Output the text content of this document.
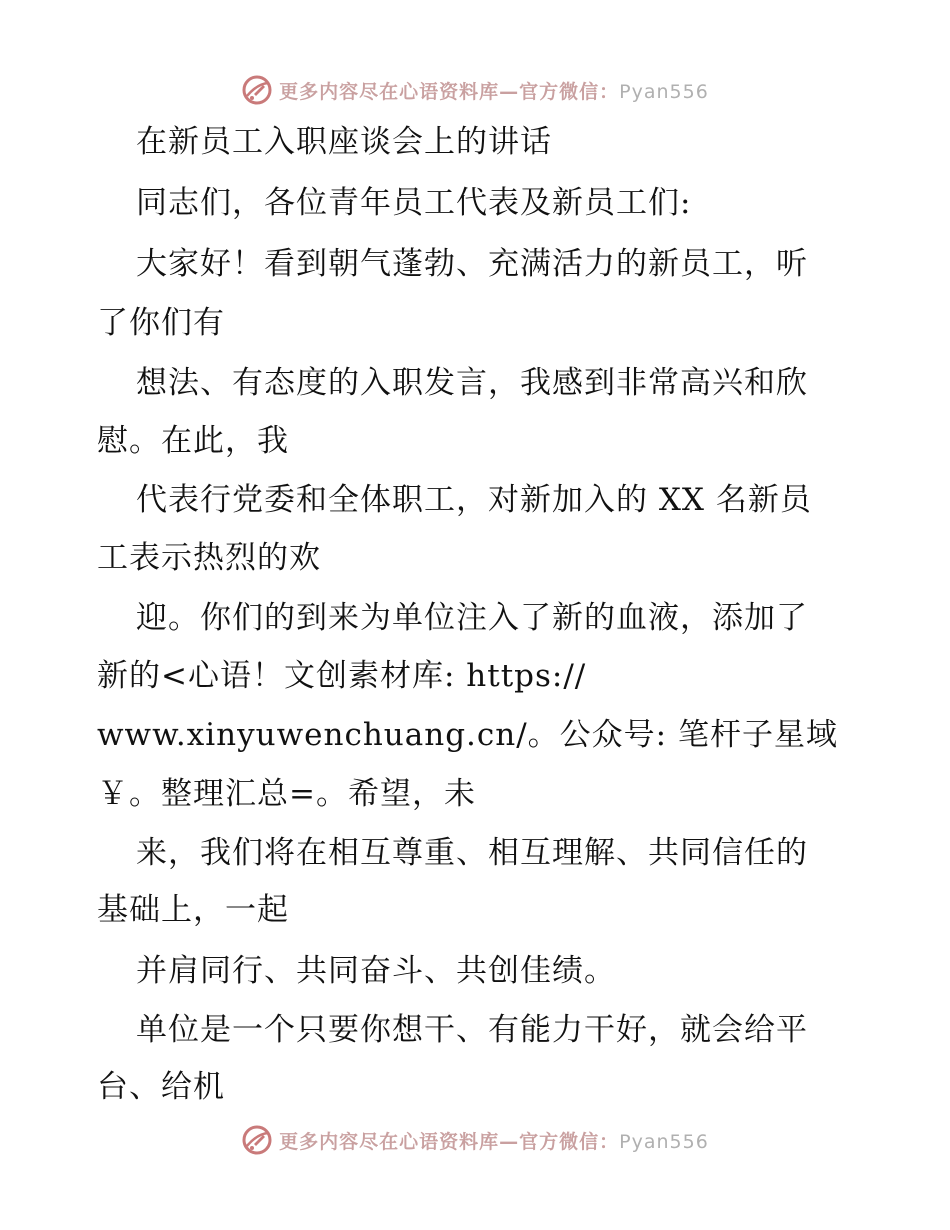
更多内容尽在心语资料库—官方微信：Pyan556
在新员工入职座谈会上的讲话
同志们，各位青年员工代表及新员工们:
大家好！看到朝气蓬勃、充满活力的新员工，听
了你们有
想法、有态度的入职发言，我感到非常高兴和欣
慰。在此，我
代表行党委和全体职工，对新加入的 XX 名新员
工表示热烈的欢
迎。你们的到来为单位注入了新的血液，添加了
新的<心语！文创素材库: https://
www.xinyuwenchuang.cn/。公众号: 笔杆子星域
￥。整理汇总=。希望，未
来，我们将在相互尊重、相互理解、共同信任的
基础上，一起
并肩同行、共同奋斗、共创佳绩。
单位是一个只要你想干、有能力干好，就会给平
台、给机
更多内容尽在心语资料库—官方微信：Pyan556
